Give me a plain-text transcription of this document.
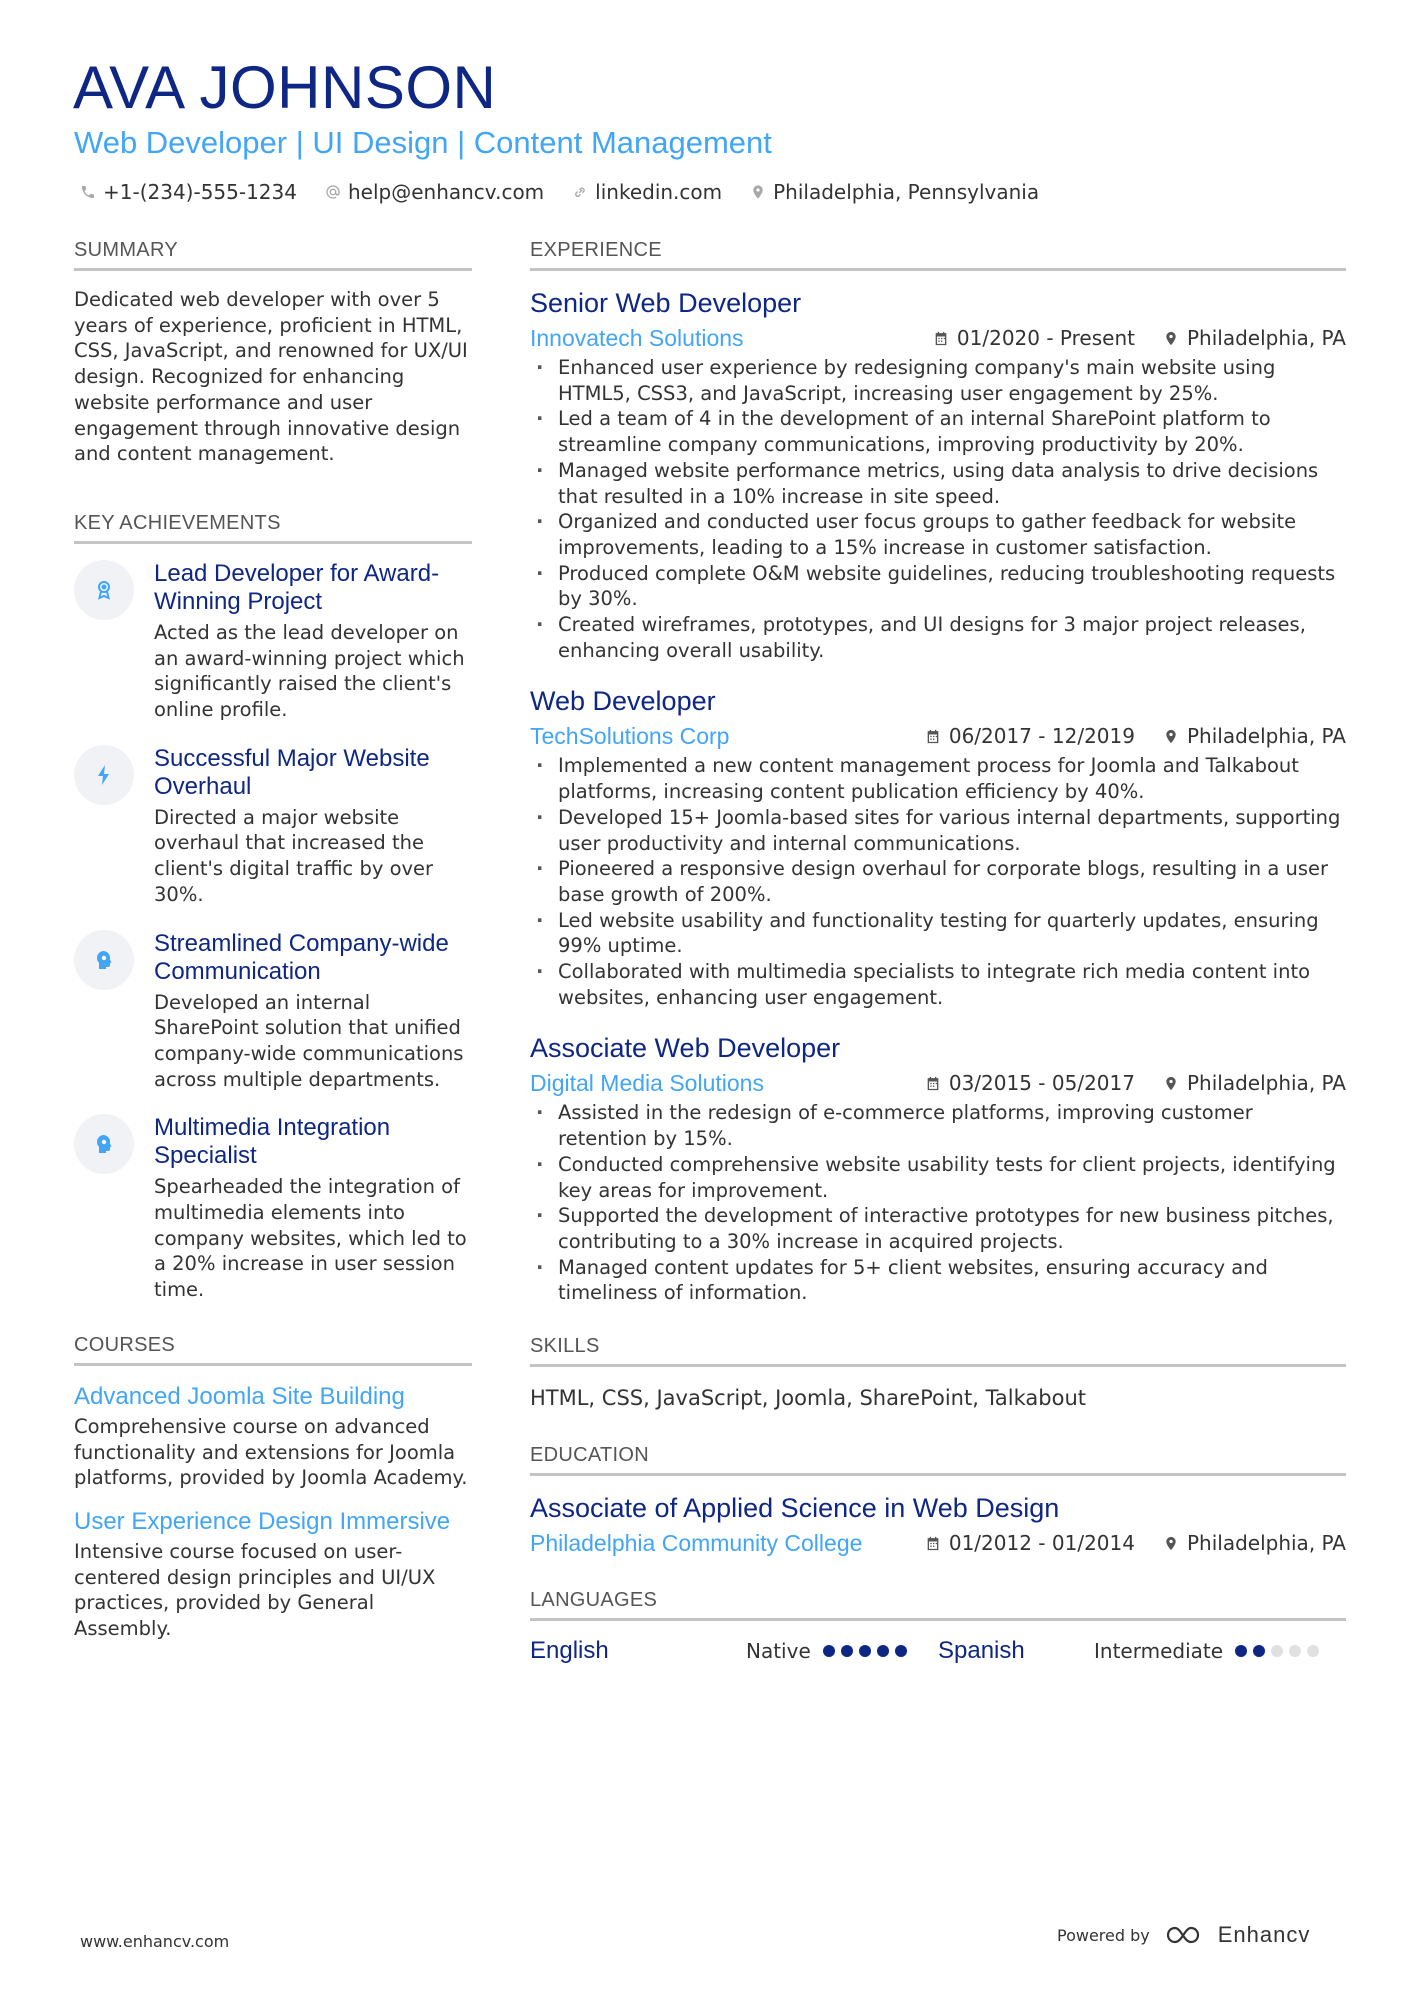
AVA JOHNSON
Web Developer | UI Design | Content Management
+1-(234)-555-1234	help@enhancv.com	linkedin.com	Philadelphia, Pennsylvania
SUMMARY

Dedicated web developer with over 5 years of experience, proficient in HTML, CSS, JavaScript, and renowned for UX/UI design. Recognized for enhancing website performance and user engagement through innovative design and content management.

KEY ACHIEVEMENTS
Lead Developer for Award-Winning Project
Acted as the lead developer on an award-winning project which significantly raised the client's online profile.
Successful Major Website Overhaul
Directed a major website overhaul that increased the client's digital traffic by over 30%.
Streamlined Company-wide Communication
Developed an internal SharePoint solution that unified company-wide communications across multiple departments.
Multimedia Integration Specialist
Spearheaded the integration of multimedia elements into company websites, which led to a 20% increase in user session time.
COURSES
Advanced Joomla Site Building
Comprehensive course on advanced functionality and extensions for Joomla platforms, provided by Joomla Academy.
User Experience Design Immersive
Intensive course focused on user-centered design principles and UI/UX practices, provided by General Assembly.
EXPERIENCE
Senior Web Developer
Innovatech Solutions	01/2020 - Present	Philadelphia, PA
· Enhanced user experience by redesigning company's main website using HTML5, CSS3, and JavaScript, increasing user engagement by 25%.
· Led a team of 4 in the development of an internal SharePoint platform to streamline company communications, improving productivity by 20%.
· Managed website performance metrics, using data analysis to drive decisions that resulted in a 10% increase in site speed.
· Organized and conducted user focus groups to gather feedback for website improvements, leading to a 15% increase in customer satisfaction.
· Produced complete O&M website guidelines, reducing troubleshooting requests by 30%.
· Created wireframes, prototypes, and UI designs for 3 major project releases, enhancing overall usability.
Web Developer
TechSolutions Corp	06/2017 - 12/2019	Philadelphia, PA
· Implemented a new content management process for Joomla and Talkabout platforms, increasing content publication efficiency by 40%.
· Developed 15+ Joomla-based sites for various internal departments, supporting user productivity and internal communications.
· Pioneered a responsive design overhaul for corporate blogs, resulting in a user base growth of 200%.
· Led website usability and functionality testing for quarterly updates, ensuring 99% uptime.
· Collaborated with multimedia specialists to integrate rich media content into websites, enhancing user engagement.
Associate Web Developer
Digital Media Solutions	03/2015 - 05/2017	Philadelphia, PA
· Assisted in the redesign of e-commerce platforms, improving customer retention by 15%.
· Conducted comprehensive website usability tests for client projects, identifying key areas for improvement.
· Supported the development of interactive prototypes for new business pitches, contributing to a 30% increase in acquired projects.
· Managed content updates for 5+ client websites, ensuring accuracy and timeliness of information.
SKILLS
HTML, CSS, JavaScript, Joomla, SharePoint, Talkabout
EDUCATION
Associate of Applied Science in Web Design
Philadelphia Community College	01/2012 - 01/2014	Philadelphia, PA
LANGUAGES
English	Native	Spanish	Intermediate
www.enhancv.com	Powered by	Enhancv
